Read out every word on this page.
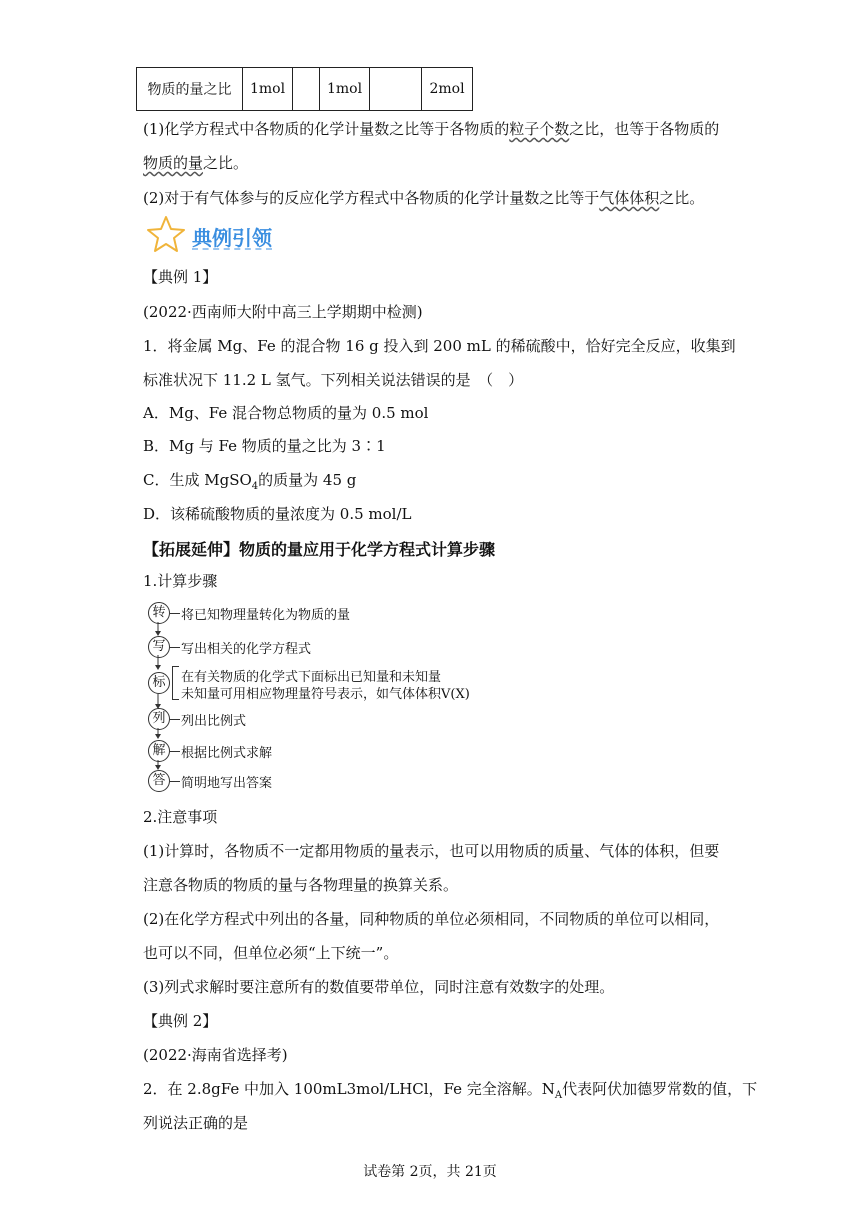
物质的量之比	1mol		1mol		2mol
(1)化学方程式中各物质的化学计量数之比等于各物质的粒子个数之比，也等于各物质的
物质的量之比。
(2)对于有气体参与的反应化学方程式中各物质的化学计量数之比等于气体体积之比。
典例引领
【典例 1】
(2022·西南师大附中高三上学期期中检测)
1．将金属 Mg、Fe 的混合物 16 g 投入到 200 mL 的稀硫酸中，恰好完全反应，收集到
标准状况下 11.2 L 氢气。下列相关说法错误的是　（　）
A．Mg、Fe 混合物总物质的量为 0.5 mol
B．Mg 与 Fe 物质的量之比为 3∶1
C．生成 MgSO$_4$的质量为 45 g
D．该稀硫酸物质的量浓度为 0.5 mol/L
【拓展延伸】物质的量应用于化学方程式计算步骤
1.计算步骤
转	将已知物理量转化为物质的量
写	写出相关的化学方程式
标	在有关物质的化学式下面标出已知量和未知量
未知量可用相应物理量符号表示，如气体体积V(X)
列	列出比例式
解	根据比例式求解
答	简明地写出答案
2.注意事项
(1)计算时，各物质不一定都用物质的量表示，也可以用物质的质量、气体的体积，但要
注意各物质的物质的量与各物理量的换算关系。
(2)在化学方程式中列出的各量，同种物质的单位必须相同，不同物质的单位可以相同，
也可以不同，但单位必须“上下统一”。
(3)列式求解时要注意所有的数值要带单位，同时注意有效数字的处理。
【典例 2】
(2022·海南省选择考)
2．在 2.8gFe 中加入 100mL3mol/LHCl，Fe 完全溶解。$N_A$代表阿伏加德罗常数的值，下
列说法正确的是
试卷第 2页，共 21页
